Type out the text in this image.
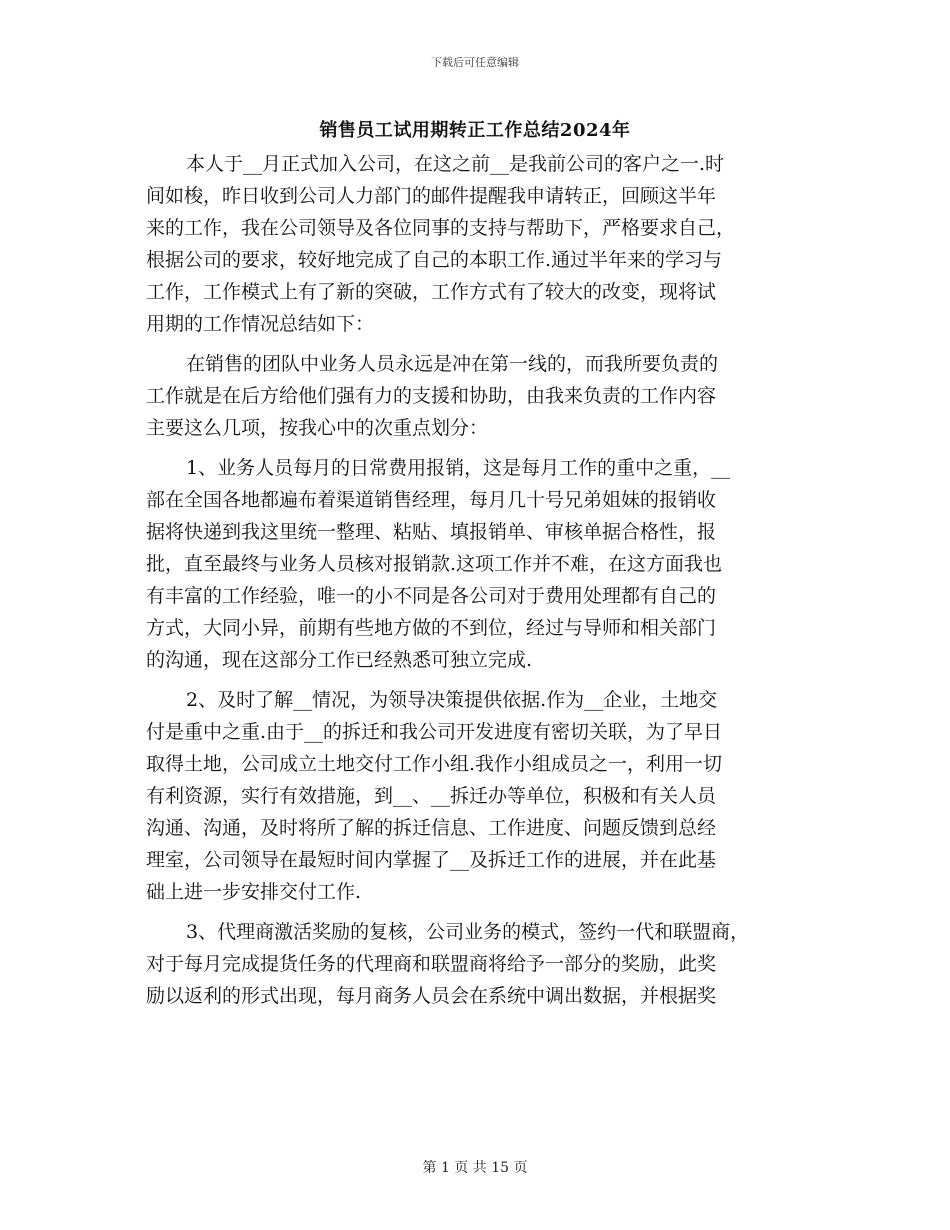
下载后可任意编辑
销售员工试用期转正工作总结2024年
本人于__月正式加入公司，在这之前__是我前公司的客户之一.时
间如梭，昨日收到公司人力部门的邮件提醒我申请转正，回顾这半年
来的工作，我在公司领导及各位同事的支持与帮助下，严格要求自己，
根据公司的要求，较好地完成了自己的本职工作.通过半年来的学习与
工作，工作模式上有了新的突破，工作方式有了较大的改变，现将试
用期的工作情况总结如下：
在销售的团队中业务人员永远是冲在第一线的，而我所要负责的
工作就是在后方给他们强有力的支援和协助，由我来负责的工作内容
主要这么几项，按我心中的次重点划分：
1、业务人员每月的日常费用报销，这是每月工作的重中之重，__
部在全国各地都遍布着渠道销售经理，每月几十号兄弟姐妹的报销收
据将快递到我这里统一整理、粘贴、填报销单、审核单据合格性，报
批，直至最终与业务人员核对报销款.这项工作并不难，在这方面我也
有丰富的工作经验，唯一的小不同是各公司对于费用处理都有自己的
方式，大同小异，前期有些地方做的不到位，经过与导师和相关部门
的沟通，现在这部分工作已经熟悉可独立完成.
2、及时了解__情况，为领导决策提供依据.作为__企业，土地交
付是重中之重.由于__的拆迁和我公司开发进度有密切关联，为了早日
取得土地，公司成立土地交付工作小组.我作小组成员之一，利用一切
有利资源，实行有效措施，到__、__拆迁办等单位，积极和有关人员
沟通、沟通，及时将所了解的拆迁信息、工作进度、问题反馈到总经
理室，公司领导在最短时间内掌握了__及拆迁工作的进展，并在此基
础上进一步安排交付工作.
3、代理商激活奖励的复核，公司业务的模式，签约一代和联盟商，
对于每月完成提货任务的代理商和联盟商将给予一部分的奖励，此奖
励以返利的形式出现，每月商务人员会在系统中调出数据，并根据奖
第 1 页 共 15 页
